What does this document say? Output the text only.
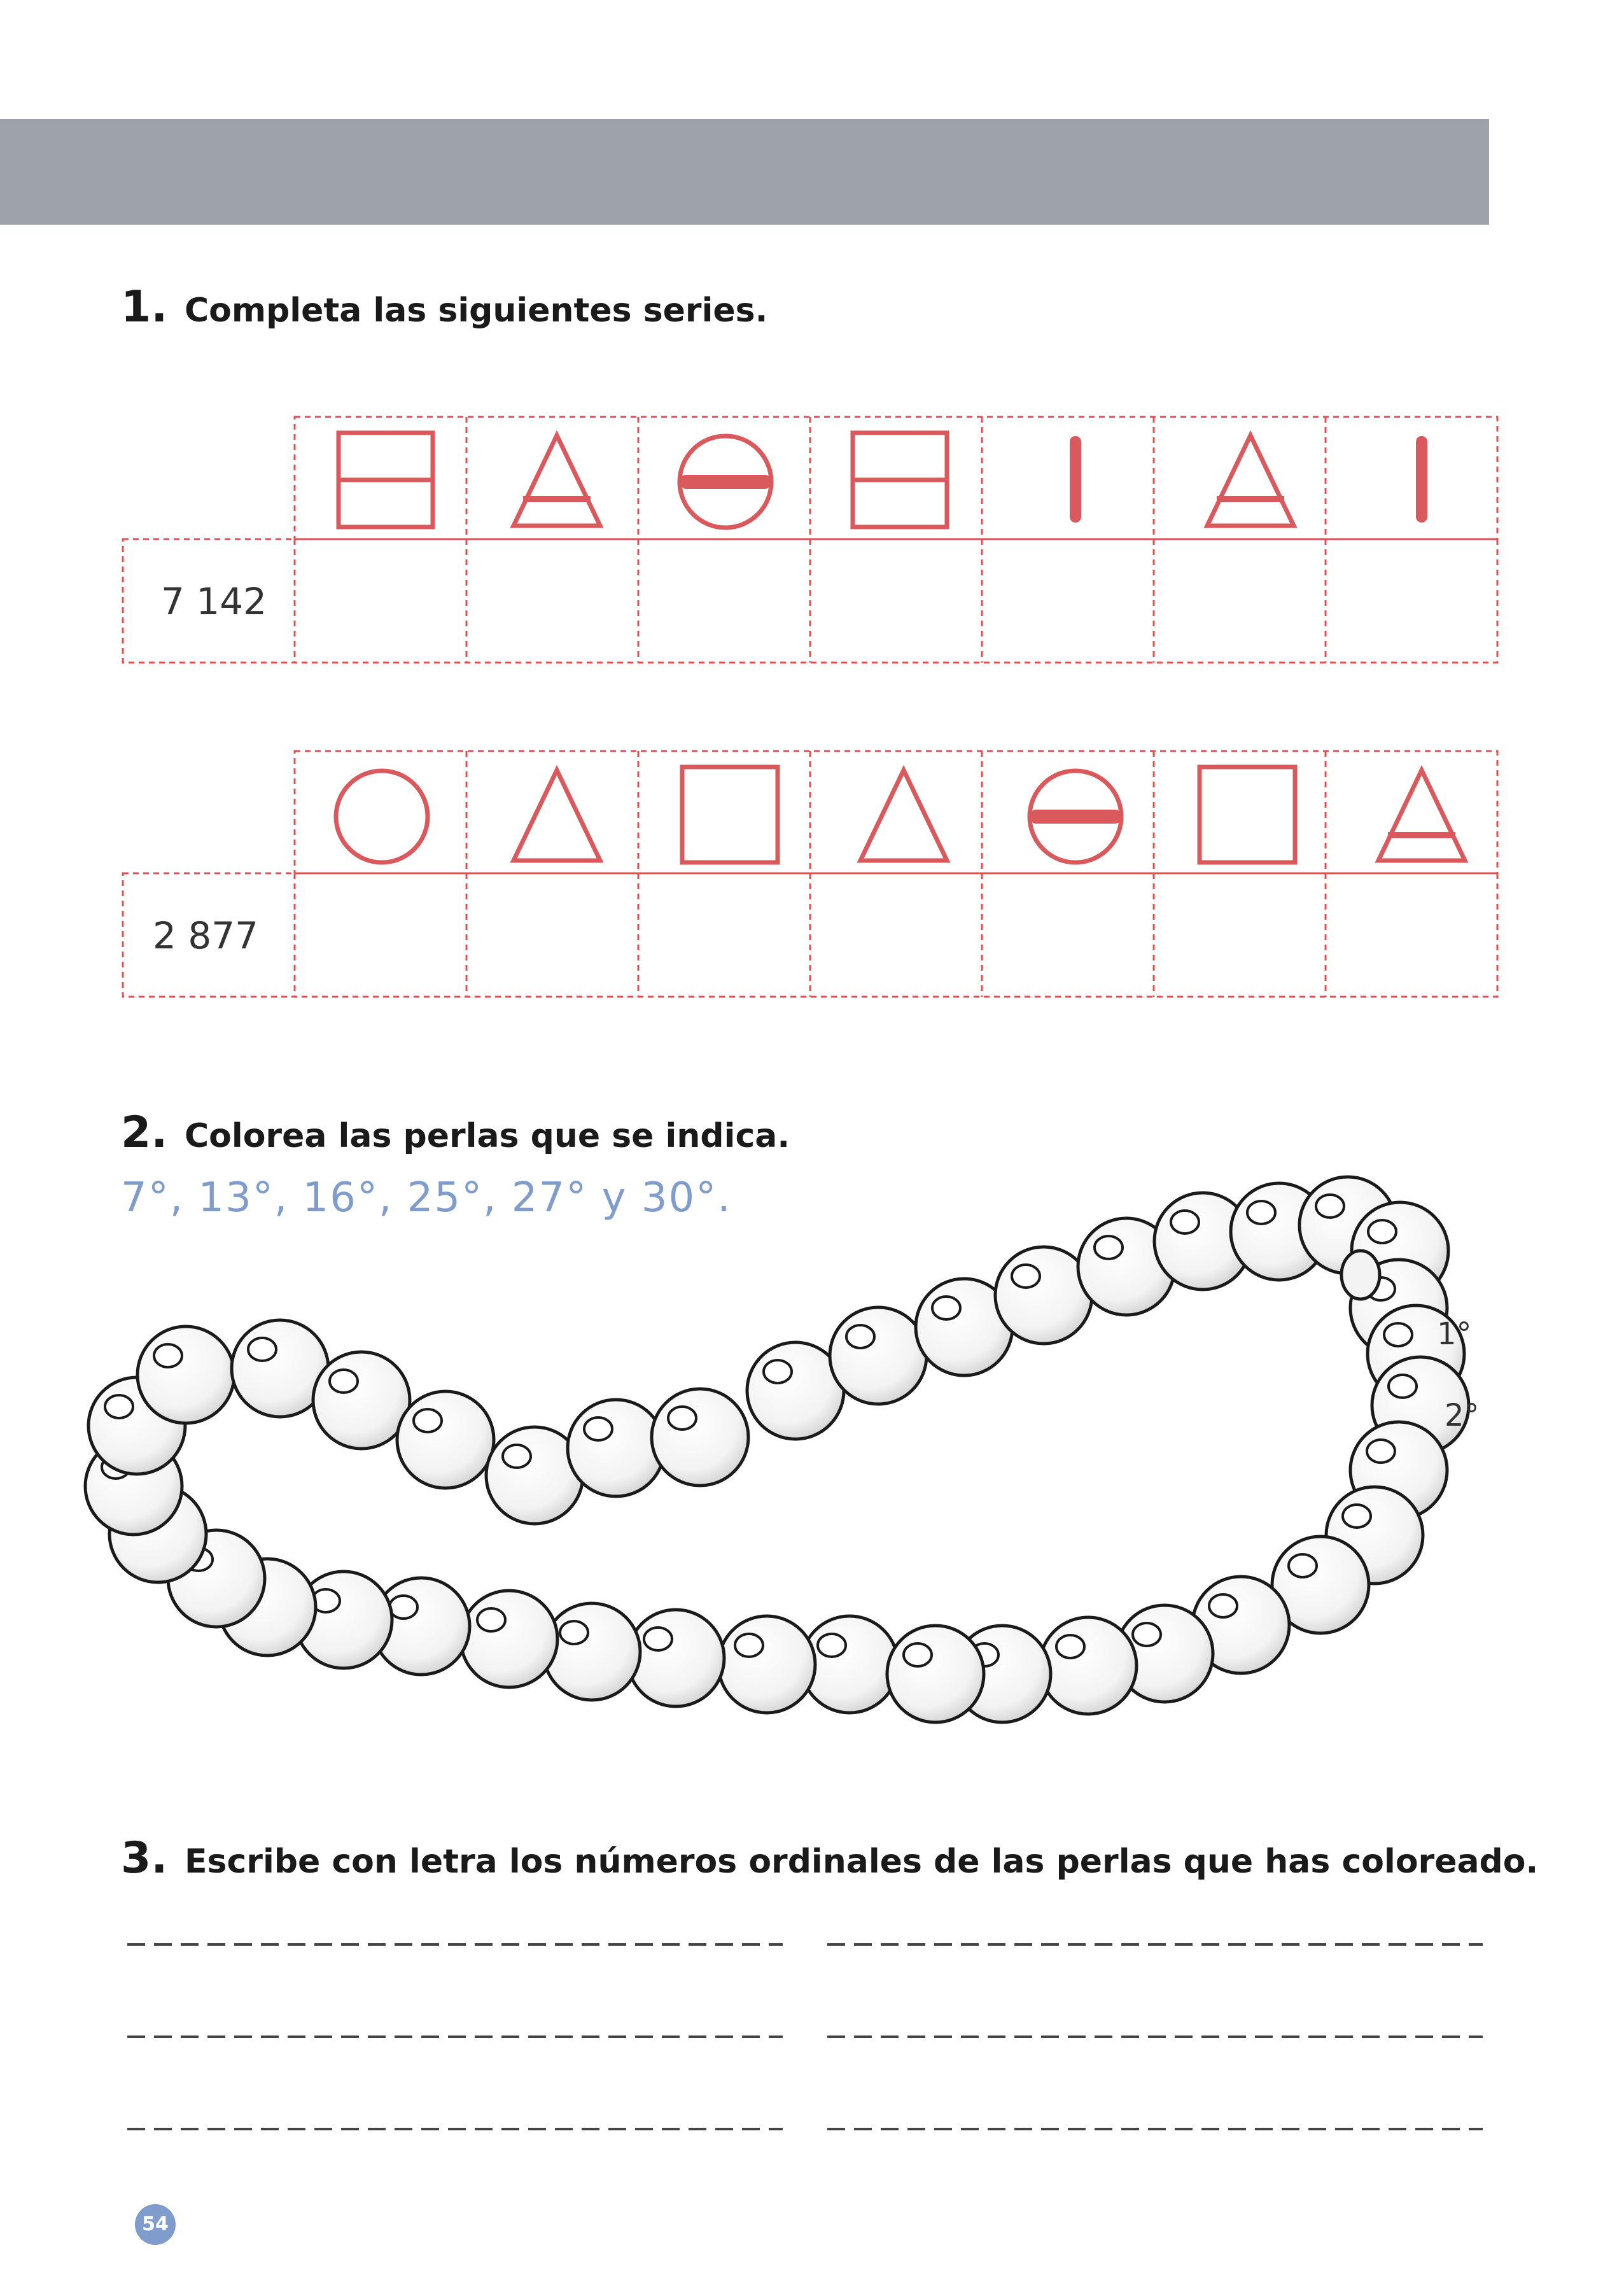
REPASA
1. Completa las siguientes series.
7 142
2 877
2. Colorea las perlas que se indica.
7°, 13°, 16°, 25°, 27° y 30°.
1°
2°
3. Escribe con letra los números ordinales de las perlas que has coloreado.
54
